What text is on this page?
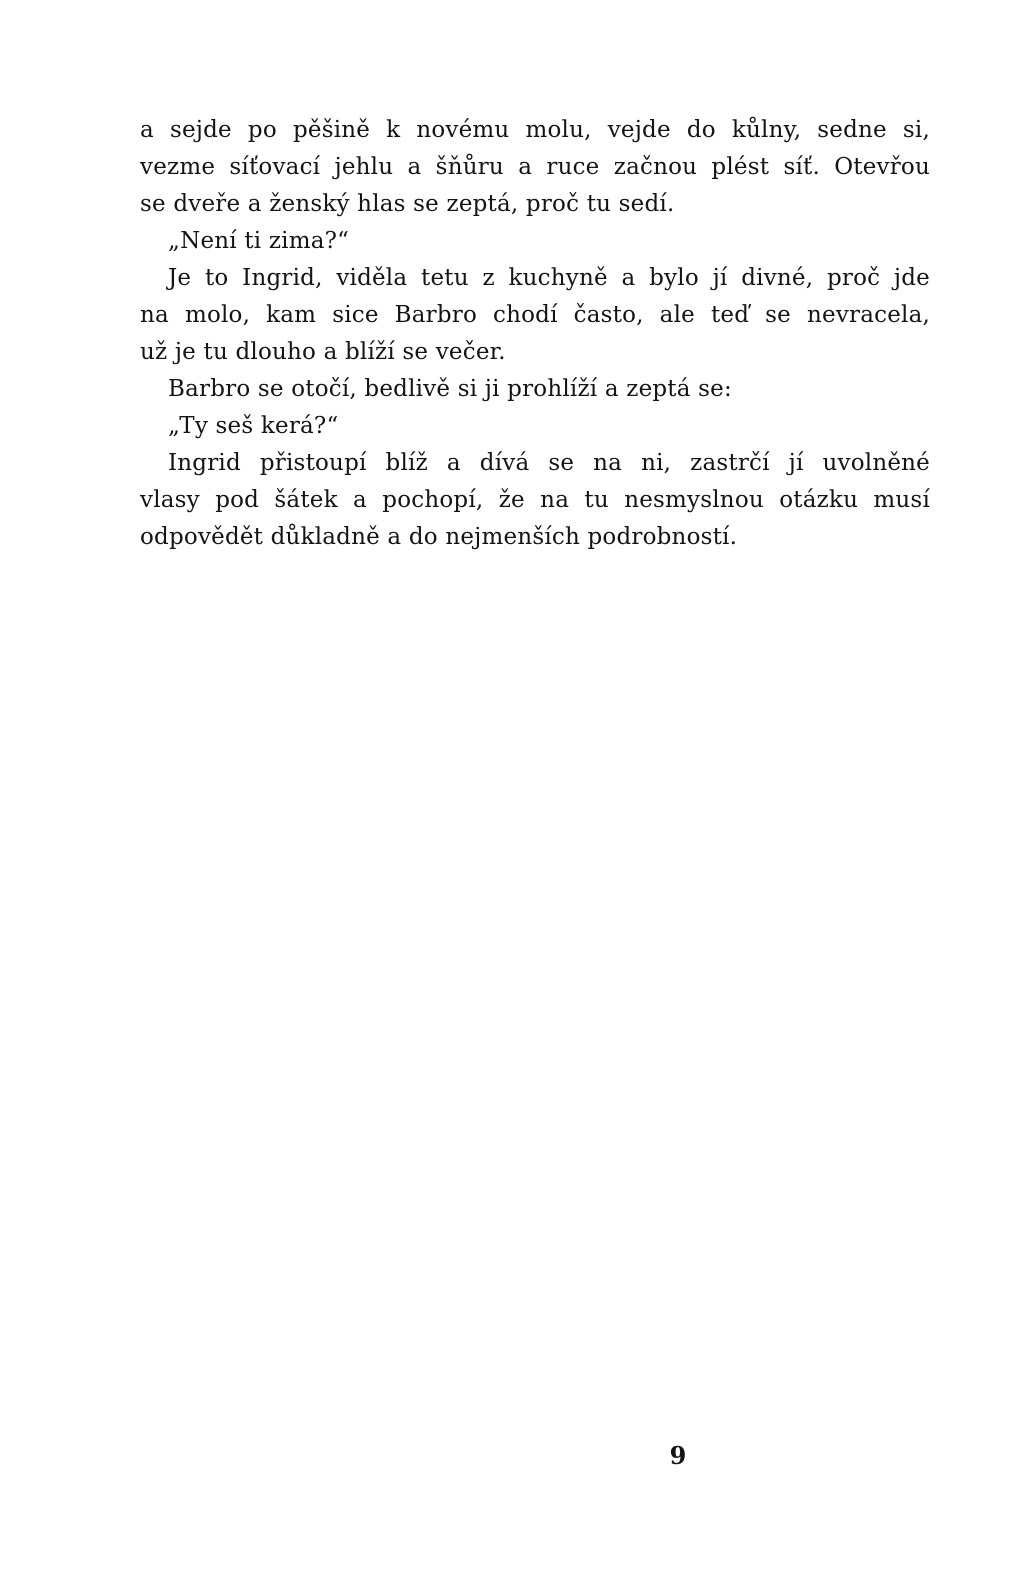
a sejde po pěšině k novému molu, vejde do kůlny, sedne si,
vezme síťovací jehlu a šňůru a ruce začnou plést síť. Otevřou
se dveře a ženský hlas se zeptá, proč tu sedí.
„Není ti zima?“
Je to Ingrid, viděla tetu z kuchyně a bylo jí divné, proč jde
na molo, kam sice Barbro chodí často, ale teď se nevracela,
už je tu dlouho a blíží se večer.
Barbro se otočí, bedlivě si ji prohlíží a zeptá se:
„Ty seš kerá?“
Ingrid přistoupí blíž a dívá se na ni, zastrčí jí uvolněné
vlasy pod šátek a pochopí, že na tu nesmyslnou otázku musí
odpovědět důkladně a do nejmenších podrobností.
9
